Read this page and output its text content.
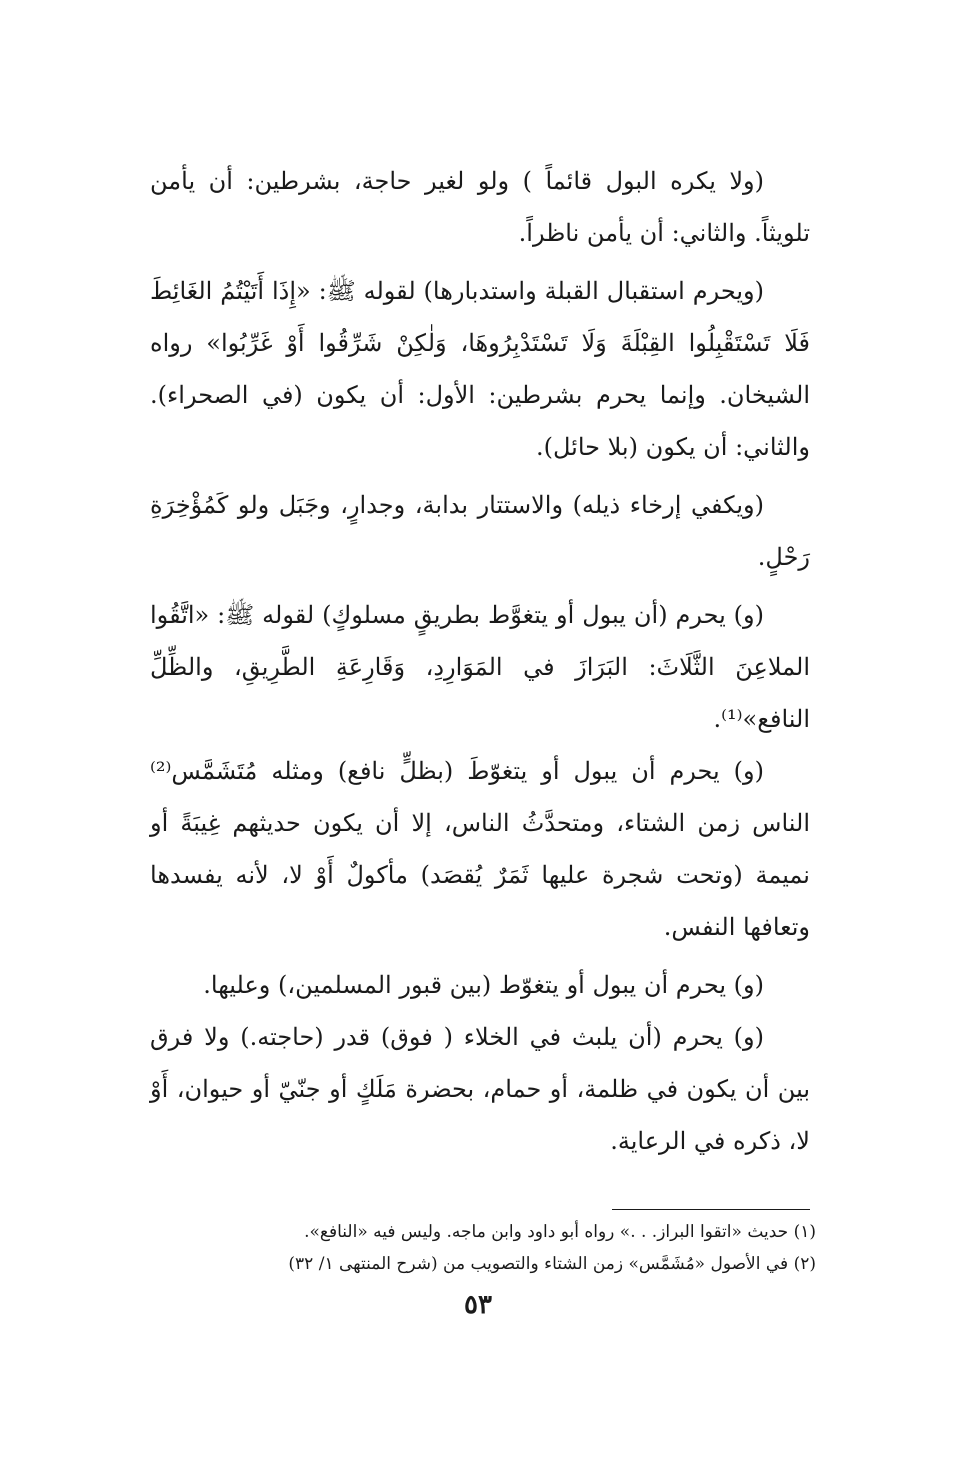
(ولا يكره البول قائماً ) ولو لغير حاجة، بشرطين: أن يأمن تلويثاً. والثاني: أن يأمن ناظراً.

(ويحرم استقبال القبلة واستدبارها) لقوله ﷺ: «إِذَا أَتَيْتُمُ الغَائِطَ فَلَا تَسْتَقْبِلُوا القِبْلَةَ وَلَا تَسْتَدْبِرُوهَا، وَلٰكِنْ شَرِّقُوا أَوْ غَرِّبُوا» رواه الشيخان. وإنما يحرم بشرطين: الأول: أن يكون (في الصحراء). والثاني: أن يكون (بلا حائل).

(ويكفي إرخاء ذيله) والاستتار بدابة، وجدارٍ، وجَبَل ولو كَمُؤْخِرَةِ رَحْلٍ.

(و) يحرم (أن يبول أو يتغوَّط بطريقٍ مسلوكٍ) لقوله ﷺ: «اتَّقُوا الملاعِنَ الثَّلَاثَ: البَرَازَ في المَوَارِدِ، وَقَارِعَةِ الطَّرِيقِ، والظِّلِّ النافع»⁽¹⁾.

(و) يحرم أن يبول أو يتغوّطَ (بظلٍّ نافع) ومثله مُتَشَمَّس⁽²⁾ الناس زمن الشتاء، ومتحدَّثُ الناس، إلا أن يكون حديثهم غِيبَةً أو نميمة (وتحت شجرة عليها ثَمَرٌ يُقصَد) مأكولٌ أَوْ لا، لأنه يفسدها وتعافها النفس.

(و) يحرم أن يبول أو يتغوّط (بين قبور المسلمين،) وعليها.

(و) يحرم (أن يلبث في الخلاء ( فوق) قدر (حاجته.) ولا فرق بين أن يكون في ظلمة، أو حمام، بحضرة مَلَكٍ أو جنّيّ أو حيوان، أَوْ لا، ذكره في الرعاية.

(١) حديث «اتقوا البراز. . .» رواه أبو داود وابن ماجه. وليس فيه «النافع».

(٢) في الأصول «مُشَمَّس» زمن الشتاء والتصويب من (شرح المنتهى ١/ ٣٢)

٥٣
